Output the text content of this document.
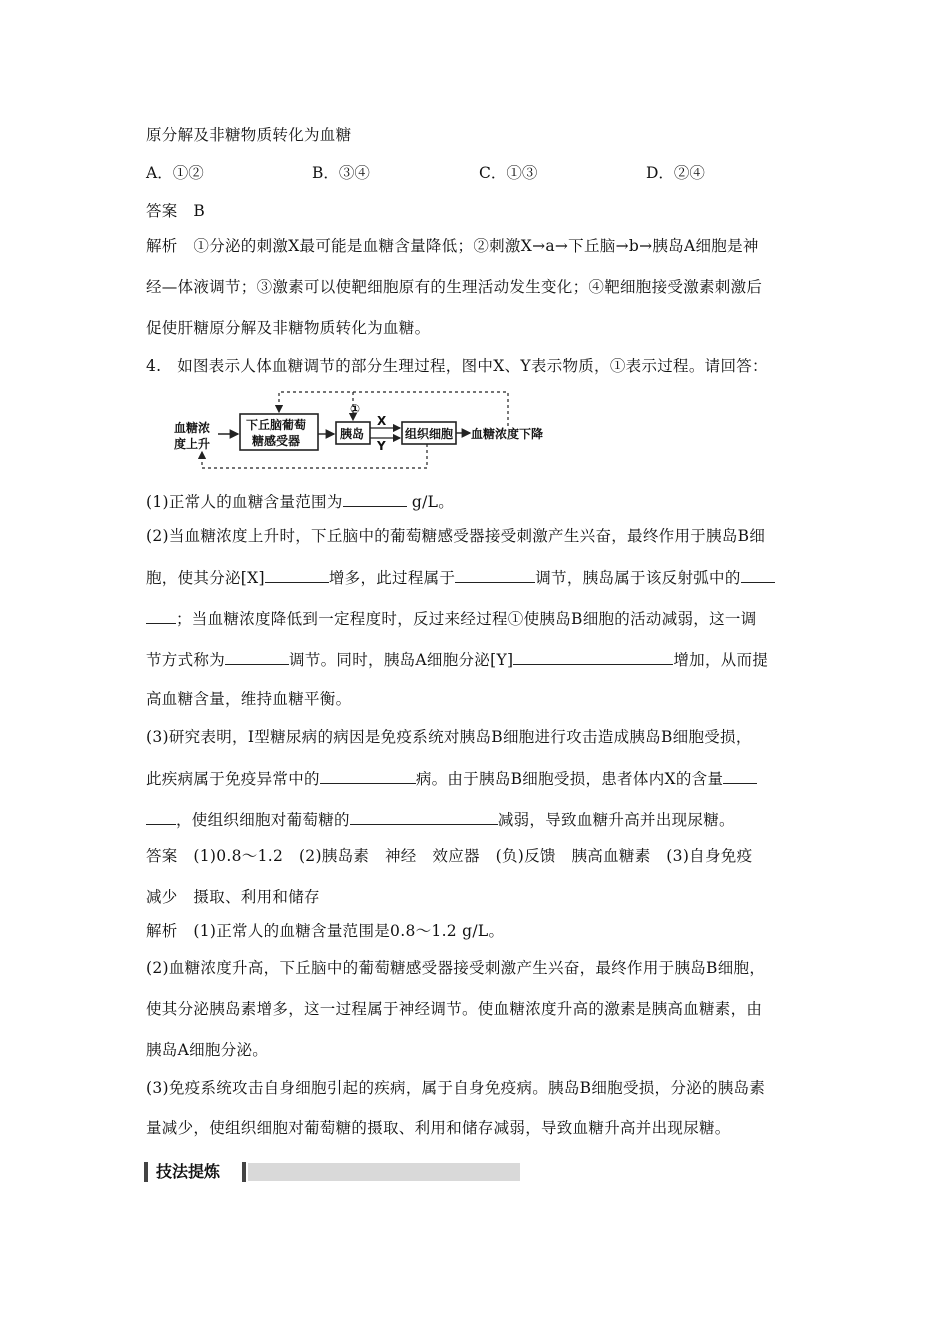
原分解及非糖物质转化为血糖
A．①②	B．③④	C．①③	D．②④
答案　B
解析　①分泌的刺激X最可能是血糖含量降低；②刺激X→a→下丘脑→b→胰岛A细胞是神
经—体液调节；③激素可以使靶细胞原有的生理活动发生变化；④靶细胞接受激素刺激后
促使肝糖原分解及非糖物质转化为血糖。
4.　如图表示人体血糖调节的部分生理过程，图中X、Y表示物质，①表示过程。请回答：
血糖浓
度上升
下丘脑葡萄
糖感受器	胰岛
①
X
Y
组织细胞 血糖浓度下降
(1)正常人的血糖含量范围为	g/L。
(2)当血糖浓度上升时，下丘脑中的葡萄糖感受器接受刺激产生兴奋，最终作用于胰岛B细
胞，使其分泌[X]	增多，此过程属于	调节，胰岛属于该反射弧中的
；当血糖浓度降低到一定程度时，反过来经过程①使胰岛B细胞的活动减弱，这一调
节方式称为	调节。同时，胰岛A细胞分泌[Y]	增加，从而提
高血糖含量，维持血糖平衡。
(3)研究表明，Ⅰ型糖尿病的病因是免疫系统对胰岛B细胞进行攻击造成胰岛B细胞受损，
此疾病属于免疫异常中的	病。由于胰岛B细胞受损，患者体内X的含量
，使组织细胞对葡萄糖的	减弱，导致血糖升高并出现尿糖。
答案　(1)0.8～1.2　(2)胰岛素　神经　效应器　(负)反馈　胰高血糖素　(3)自身免疫
减少　摄取、利用和储存
解析　(1)正常人的血糖含量范围是0.8～1.2 g/L。
(2)血糖浓度升高，下丘脑中的葡萄糖感受器接受刺激产生兴奋，最终作用于胰岛B细胞，
使其分泌胰岛素增多，这一过程属于神经调节。使血糖浓度升高的激素是胰高血糖素，由
胰岛A细胞分泌。
(3)免疫系统攻击自身细胞引起的疾病，属于自身免疫病。胰岛B细胞受损，分泌的胰岛素
量减少，使组织细胞对葡萄糖的摄取、利用和储存减弱，导致血糖升高并出现尿糖。
技法提炼
